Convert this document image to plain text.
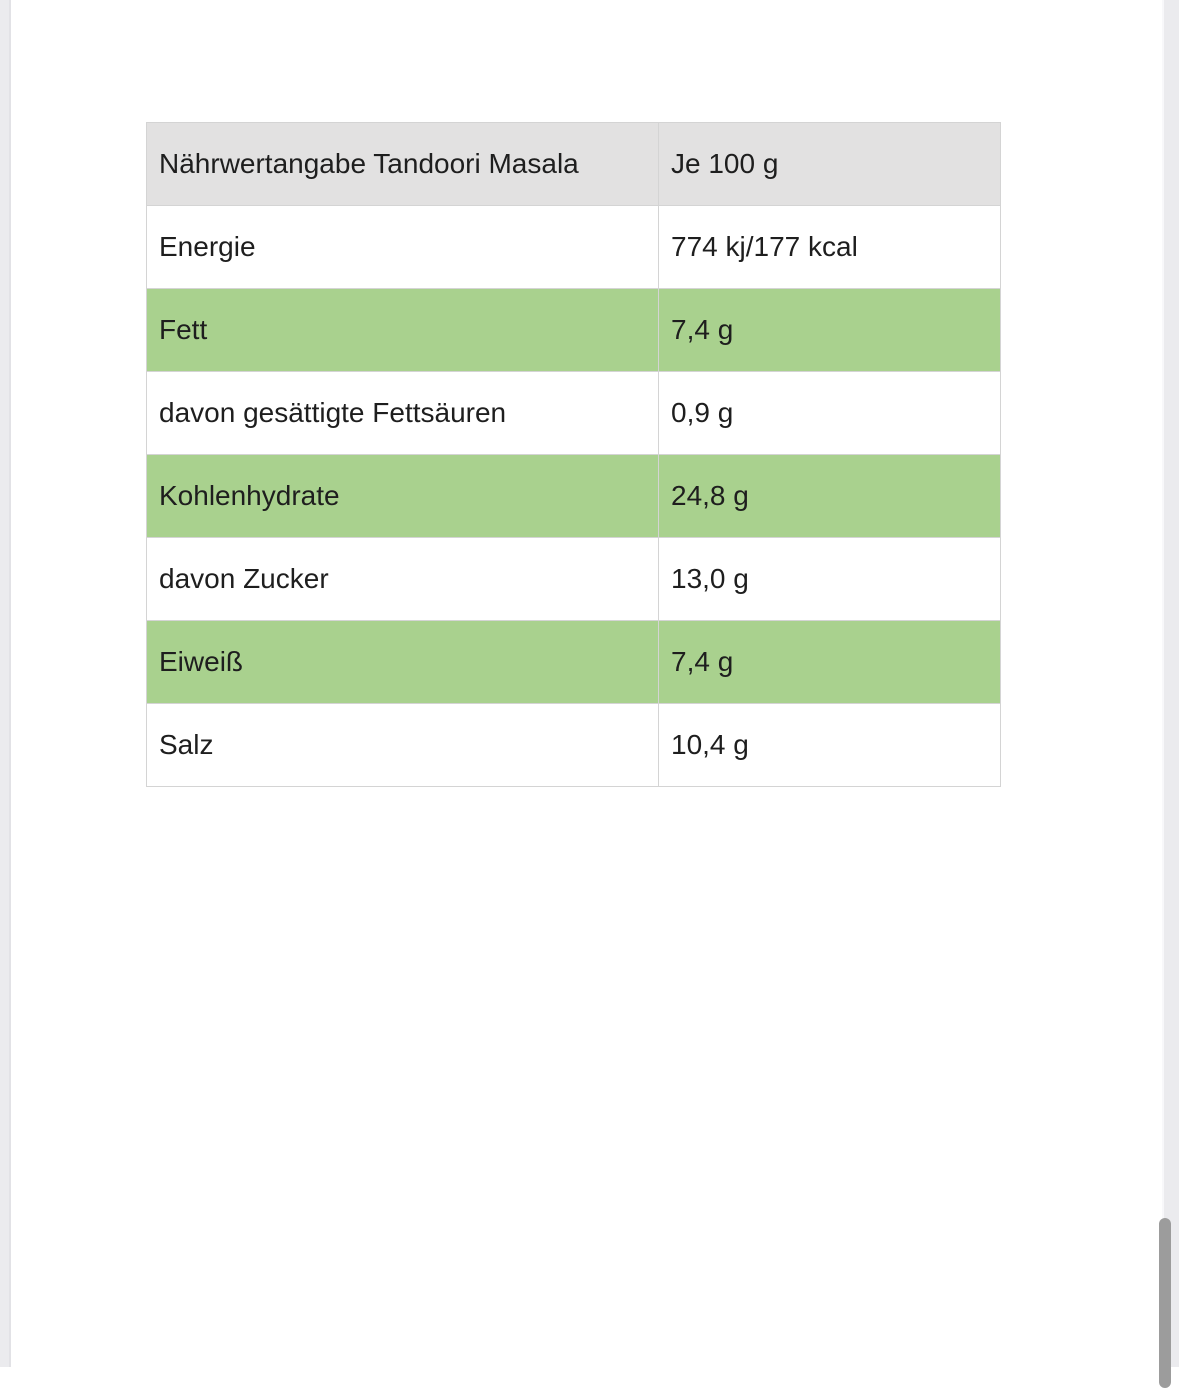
Nährwertangabe Tandoori Masala	Je 100 g
Energie	774 kj/177 kcal
Fett	7,4 g
davon gesättigte Fettsäuren	0,9 g
Kohlenhydrate	24,8 g
davon Zucker	13,0 g
Eiweiß	7,4 g
Salz	10,4 g
